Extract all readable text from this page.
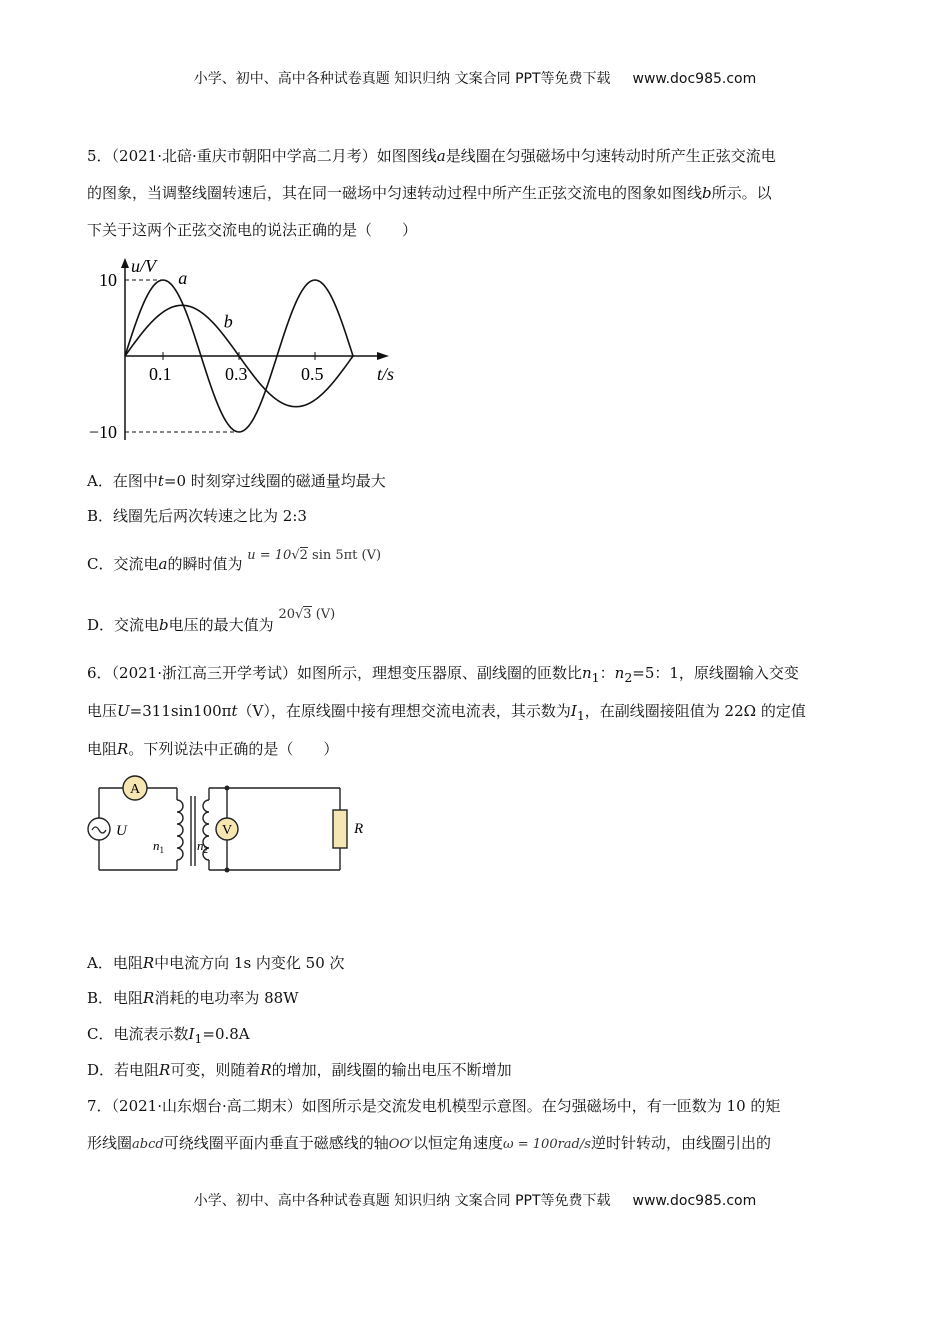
小学、初中、高中各种试卷真题 知识归纳 文案合同 PPT等免费下载 www.doc985.com
5．（2021·北碚·重庆市朝阳中学高二月考）如图图线a是线圈在匀强磁场中匀速转动时所产生正弦交流电
的图象，当调整线圈转速后，其在同一磁场中匀速转动过程中所产生正弦交流电的图象如图线b所示。以
下关于这两个正弦交流电的说法正确的是（　　）
u/V
t/s
10
−10
0.1	0.3	0.5
a
b
A．在图中t=0 时刻穿过线圈的磁通量均最大
B．线圈先后两次转速之比为 2:3
C．交流电a的瞬时值为 u = 10√2 sin 5πt (V)
D．交流电b电压的最大值为 20√3 (V)
6．（2021·浙江高三开学考试）如图所示，理想变压器原、副线圈的匝数比$n_1$：$n_2=5$：1，原线圈输入交变
电压U=311sin100πt（V），在原线圈中接有理想交流电流表，其示数为$I_1$，在副线圈接阻值为 22Ω 的定值
电阻R。下列说法中正确的是（　　）
A
U
$n_1$	$n_2$
V	R
A．电阻R中电流方向 1s 内变化 50 次
B．电阻R消耗的电功率为 88W
C．电流表示数$I_1=0.8A$
D．若电阻R可变，则随着R的增加，副线圈的输出电压不断增加
7．（2021·山东烟台·高二期末）如图所示是交流发电机模型示意图。在匀强磁场中，有一匝数为 10 的矩
形线圈abcd可绕线圈平面内垂直于磁感线的轴OO′以恒定角速度ω = 100rad/s逆时针转动，由线圈引出的
小学、初中、高中各种试卷真题 知识归纳 文案合同 PPT等免费下载 www.doc985.com
